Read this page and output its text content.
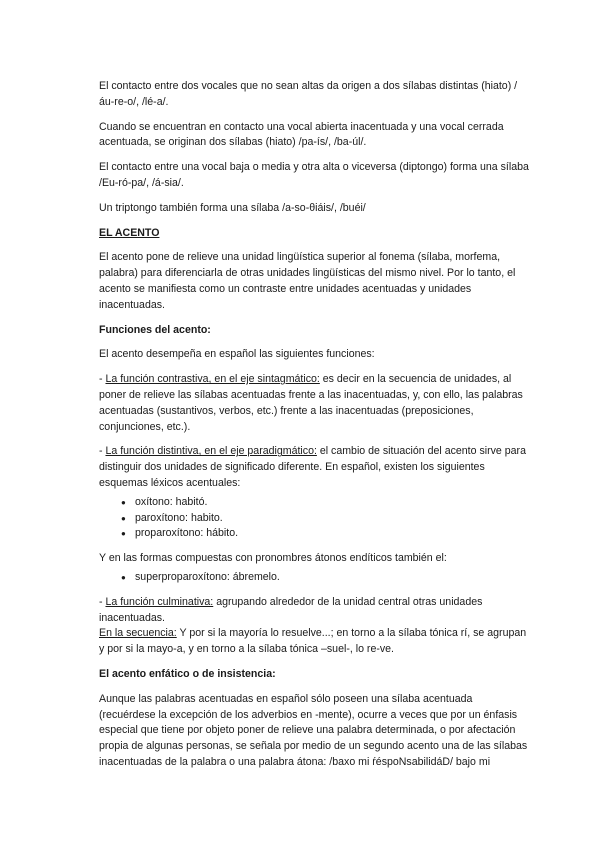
El contacto entre dos vocales que no sean altas da origen a dos sílabas distintas (hiato) /áu-re-o/, /lé-a/.

Cuando se encuentran en contacto una vocal abierta inacentuada y una vocal cerrada acentuada, se originan dos sílabas (hiato) /pa-ís/, /ba-úl/.

El contacto entre una vocal baja o media y otra alta o viceversa (diptongo) forma una sílaba /Eu-ró-pa/, /á-sia/.

Un triptongo también forma una sílaba /a-so-θiáis/, /buéi/

EL ACENTO

El acento pone de relieve una unidad lingüística superior al fonema (sílaba, morfema, palabra) para diferenciarla de otras unidades lingüísticas del mismo nivel. Por lo tanto, el acento se manifiesta como un contraste entre unidades acentuadas y unidades inacentuadas.

Funciones del acento:

El acento desempeña en español las siguientes funciones:

- La función contrastiva, en el eje sintagmático: es decir en la secuencia de unidades, al poner de relieve las sílabas acentuadas frente a las inacentuadas, y, con ello, las palabras acentuadas (sustantivos, verbos, etc.) frente a las inacentuadas (preposiciones, conjunciones, etc.).

- La función distintiva, en el eje paradigmático: el cambio de situación del acento sirve para distinguir dos unidades de significado diferente. En español, existen los siguientes esquemas léxicos acentuales:

● oxítono: habitó.
● paroxítono: habito.
● proparoxítono: hábito.

Y en las formas compuestas con pronombres átonos endíticos también el:

● superproparoxítono: ábremelo.

- La función culminativa: agrupando alrededor de la unidad central otras unidades inacentuadas.
En la secuencia: Y por si la mayoría lo resuelve...; en torno a la sílaba tónica rí, se agrupan y por si la mayo-a, y en torno a la sílaba tónica –suel-, lo re-ve.

El acento enfático o de insistencia:

Aunque las palabras acentuadas en español sólo poseen una sílaba acentuada (recuérdese la excepción de los adverbios en -mente), ocurre a veces que por un énfasis especial que tiene por objeto poner de relieve una palabra determinada, o por afectación propia de algunas personas, se señala por medio de un segundo acento una de las sílabas inacentuadas de la palabra o una palabra átona: /baxo mi ŕéspoNsabilidáD/ bajo mi
